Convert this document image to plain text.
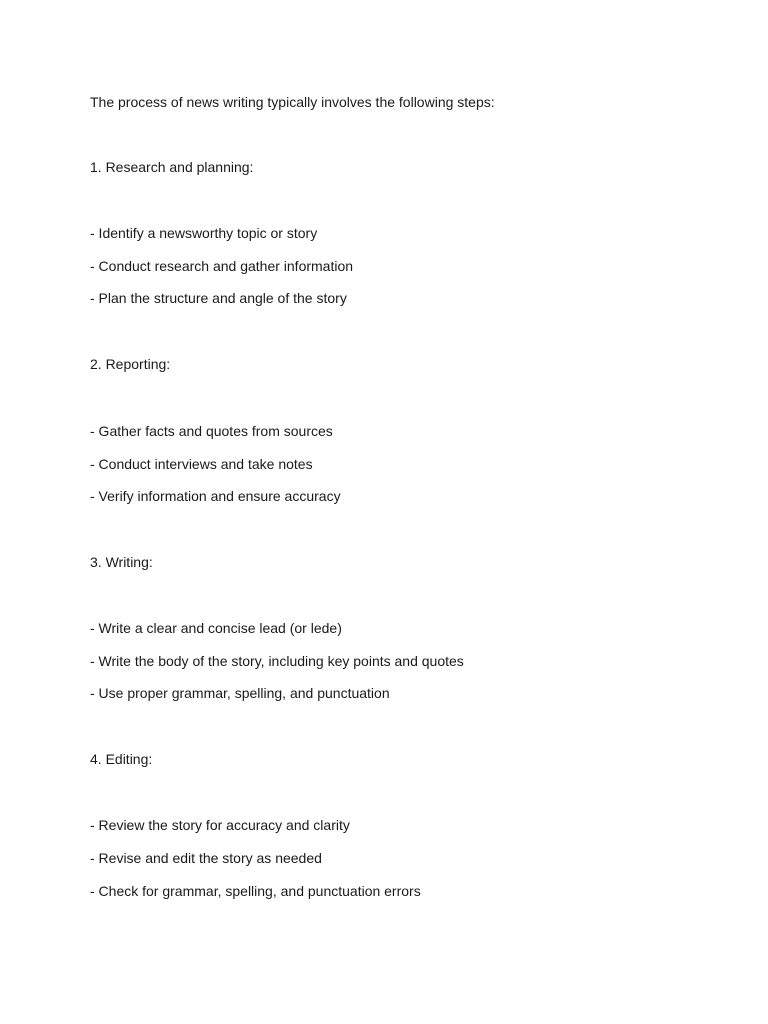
The process of news writing typically involves the following steps:
1. Research and planning:
- Identify a newsworthy topic or story
- Conduct research and gather information
- Plan the structure and angle of the story
2. Reporting:
- Gather facts and quotes from sources
- Conduct interviews and take notes
- Verify information and ensure accuracy
3. Writing:
- Write a clear and concise lead (or lede)
- Write the body of the story, including key points and quotes
- Use proper grammar, spelling, and punctuation
4. Editing:
- Review the story for accuracy and clarity
- Revise and edit the story as needed
- Check for grammar, spelling, and punctuation errors
